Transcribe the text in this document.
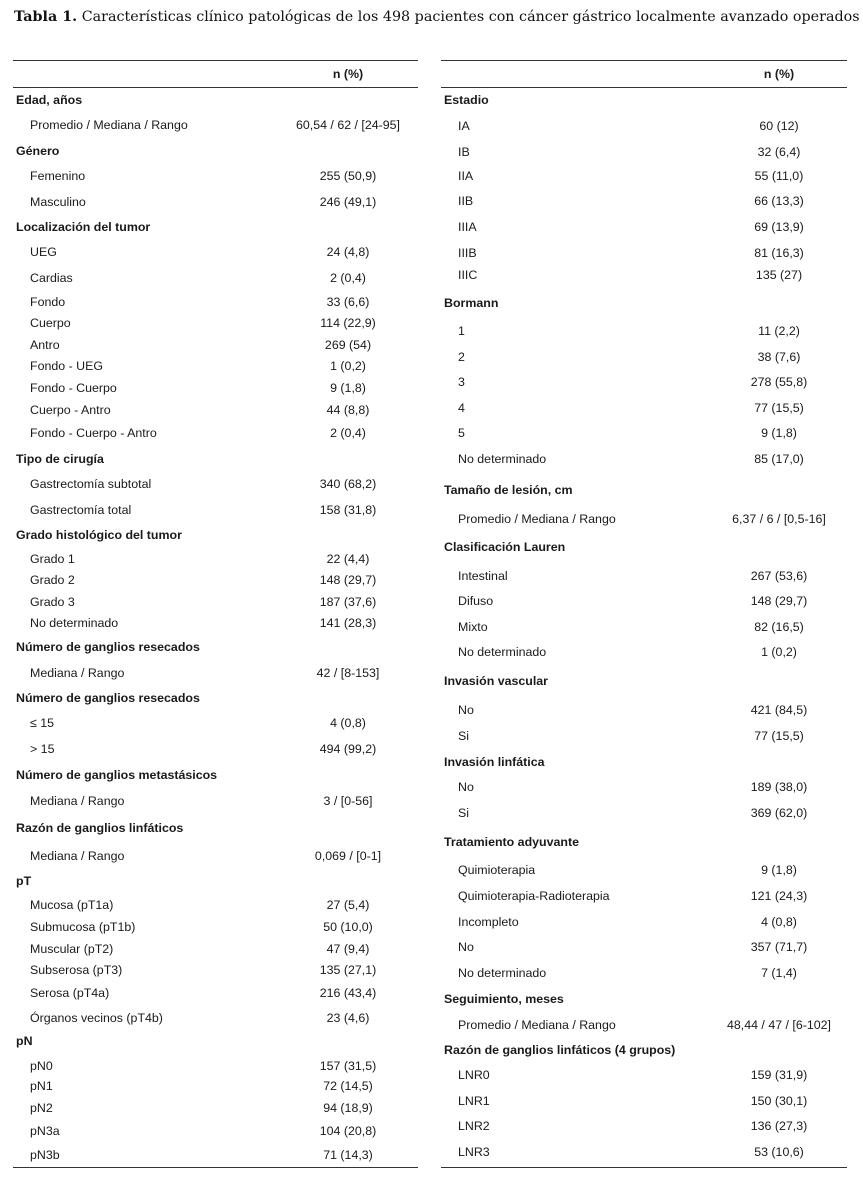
Tabla 1. Características clínico patológicas de los 498 pacientes con cáncer gástrico localmente avanzado operados
n (%)
Edad, años
Promedio / Mediana / Rango	60,54 / 62 / [24-95]
Género
Femenino	255 (50,9)
Masculino	246 (49,1)
Localización del tumor
UEG	24 (4,8)
Cardias	2 (0,4)
Fondo	33 (6,6)
Cuerpo	114 (22,9)
Antro	269 (54)
Fondo - UEG	1 (0,2)
Fondo - Cuerpo	9 (1,8)
Cuerpo - Antro	44 (8,8)
Fondo - Cuerpo - Antro	2 (0,4)
Tipo de cirugía
Gastrectomía subtotal	340 (68,2)
Gastrectomía total	158 (31,8)
Grado histológico del tumor
Grado 1	22 (4,4)
Grado 2	148 (29,7)
Grado 3	187 (37,6)
No determinado	141 (28,3)
Número de ganglios resecados
Mediana / Rango	42 / [8-153]
Número de ganglios resecados
≤ 15	4 (0,8)
> 15	494 (99,2)
Número de ganglios metastásicos
Mediana / Rango	3 / [0-56]
Razón de ganglios linfáticos
Mediana / Rango	0,069 / [0-1]
pT
Mucosa (pT1a)	27 (5,4)
Submucosa (pT1b)	50 (10,0)
Muscular (pT2)	47 (9,4)
Subserosa (pT3)	135 (27,1)
Serosa (pT4a)	216 (43,4)
Órganos vecinos (pT4b)	23 (4,6)
pN
pN0	157 (31,5)
pN1	72 (14,5)
pN2	94 (18,9)
pN3a	104 (20,8)
pN3b	71 (14,3)
n (%)
Estadio
IA	60 (12)
IB	32 (6,4)
IIA	55 (11,0)
IIB	66 (13,3)
IIIA	69 (13,9)
IIIB	81 (16,3)
IIIC	135 (27)
Bormann
1	11 (2,2)
2	38 (7,6)
3	278 (55,8)
4	77 (15,5)
5	9 (1,8)
No determinado	85 (17,0)
Tamaño de lesión, cm
Promedio / Mediana / Rango	6,37 / 6 / [0,5-16]
Clasificación Lauren
Intestinal	267 (53,6)
Difuso	148 (29,7)
Mixto	82 (16,5)
No determinado	1 (0,2)
Invasión vascular
No	421 (84,5)
Si	77 (15,5)
Invasión linfática
No	189 (38,0)
Si	369 (62,0)
Tratamiento adyuvante
Quimioterapia	9 (1,8)
Quimioterapia-Radioterapia	121 (24,3)
Incompleto	4 (0,8)
No	357 (71,7)
No determinado	7 (1,4)
Seguimiento, meses
Promedio / Mediana / Rango	48,44 / 47 / [6-102]
Razón de ganglios linfáticos (4 grupos)
LNR0	159 (31,9)
LNR1	150 (30,1)
LNR2	136 (27,3)
LNR3	53 (10,6)
